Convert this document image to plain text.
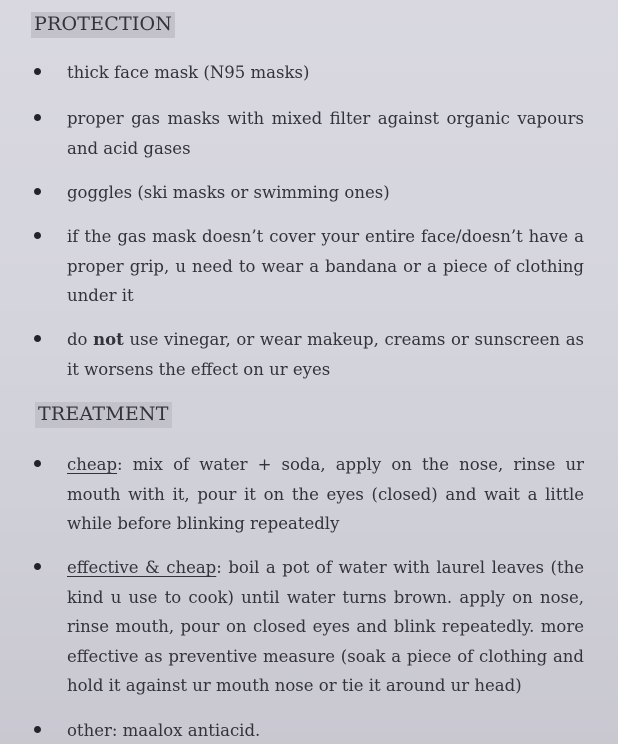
PROTECTION
thick face mask (N95 masks)
proper gas masks with mixed filter against organic vapours and acid gases
goggles (ski masks or swimming ones)
if the gas mask doesn’t cover your entire face/doesn’t have a proper grip, u need to wear a bandana or a piece of clothing under it
do not use vinegar, or wear makeup, creams or sunscreen as it worsens the effect on ur eyes
TREATMENT
cheap: mix of water + soda, apply on the nose, rinse ur mouth with it, pour it on the eyes (closed) and wait a little while before blinking repeatedly
effective & cheap: boil a pot of water with laurel leaves (the kind u use to cook) until water turns brown. apply on nose, rinse mouth, pour on closed eyes and blink repeatedly. more effective as preventive measure (soak a piece of clothing and hold it against ur mouth nose or tie it around ur head)
other: maalox antiacid.
